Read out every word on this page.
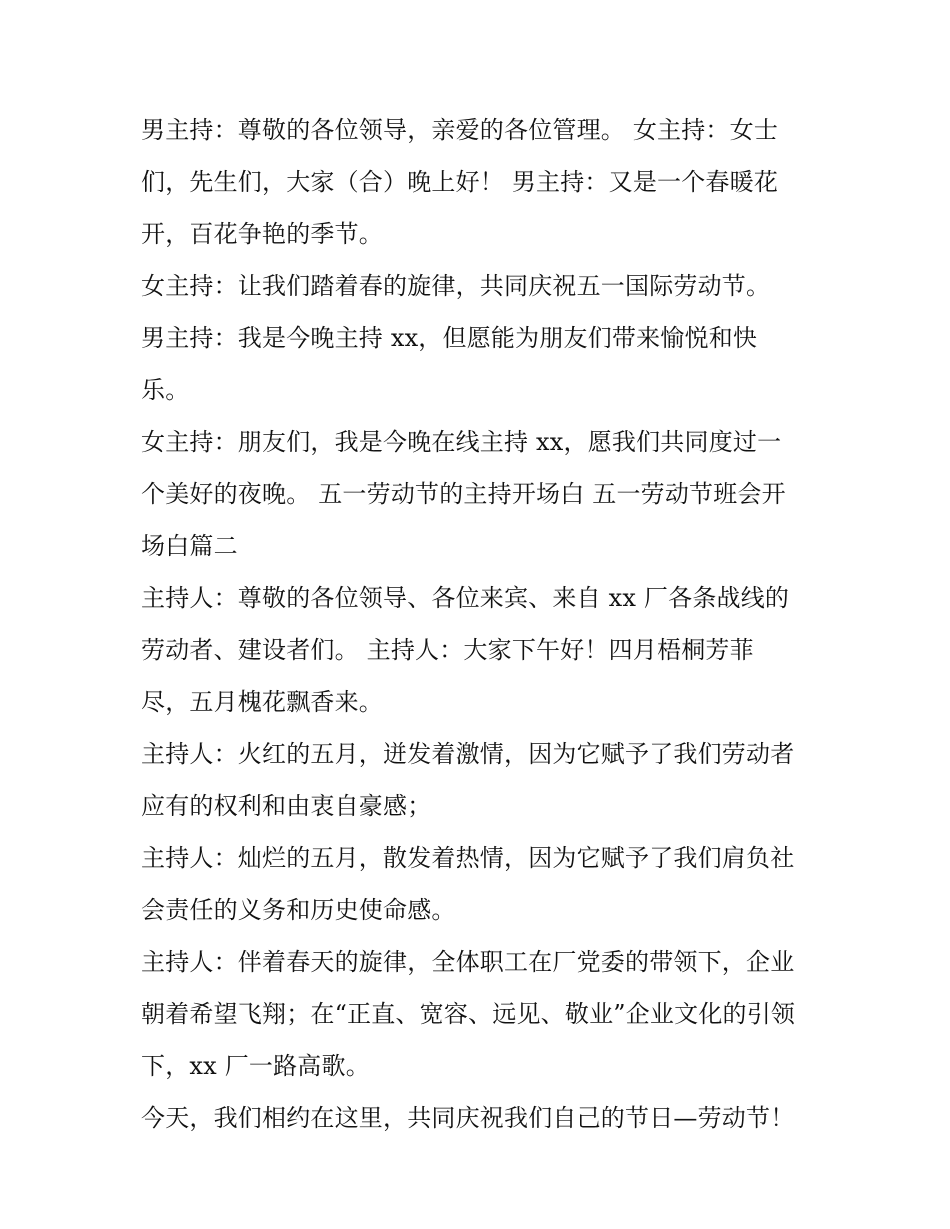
男主持：尊敬的各位领导，亲爱的各位管理。 女主持：女士
们，先生们，大家（合）晚上好！ 男主持：又是一个春暖花
开，百花争艳的季节。
女主持：让我们踏着春的旋律，共同庆祝五一国际劳动节。
男主持：我是今晚主持 xx，但愿能为朋友们带来愉悦和快
乐。
女主持：朋友们，我是今晚在线主持 xx，愿我们共同度过一
个美好的夜晚。 五一劳动节的主持开场白 五一劳动节班会开
场白篇二
主持人：尊敬的各位领导、各位来宾、来自 xx 厂各条战线的
劳动者、建设者们。 主持人：大家下午好！四月梧桐芳菲
尽，五月槐花飘香来。
主持人：火红的五月，迸发着激情，因为它赋予了我们劳动者
应有的权利和由衷自豪感；
主持人：灿烂的五月，散发着热情，因为它赋予了我们肩负社
会责任的义务和历史使命感。
主持人：伴着春天的旋律，全体职工在厂党委的带领下，企业
朝着希望飞翔；在“正直、宽容、远见、敬业”企业文化的引领
下，xx 厂一路高歌。
今天，我们相约在这里，共同庆祝我们自己的节日—劳动节！
